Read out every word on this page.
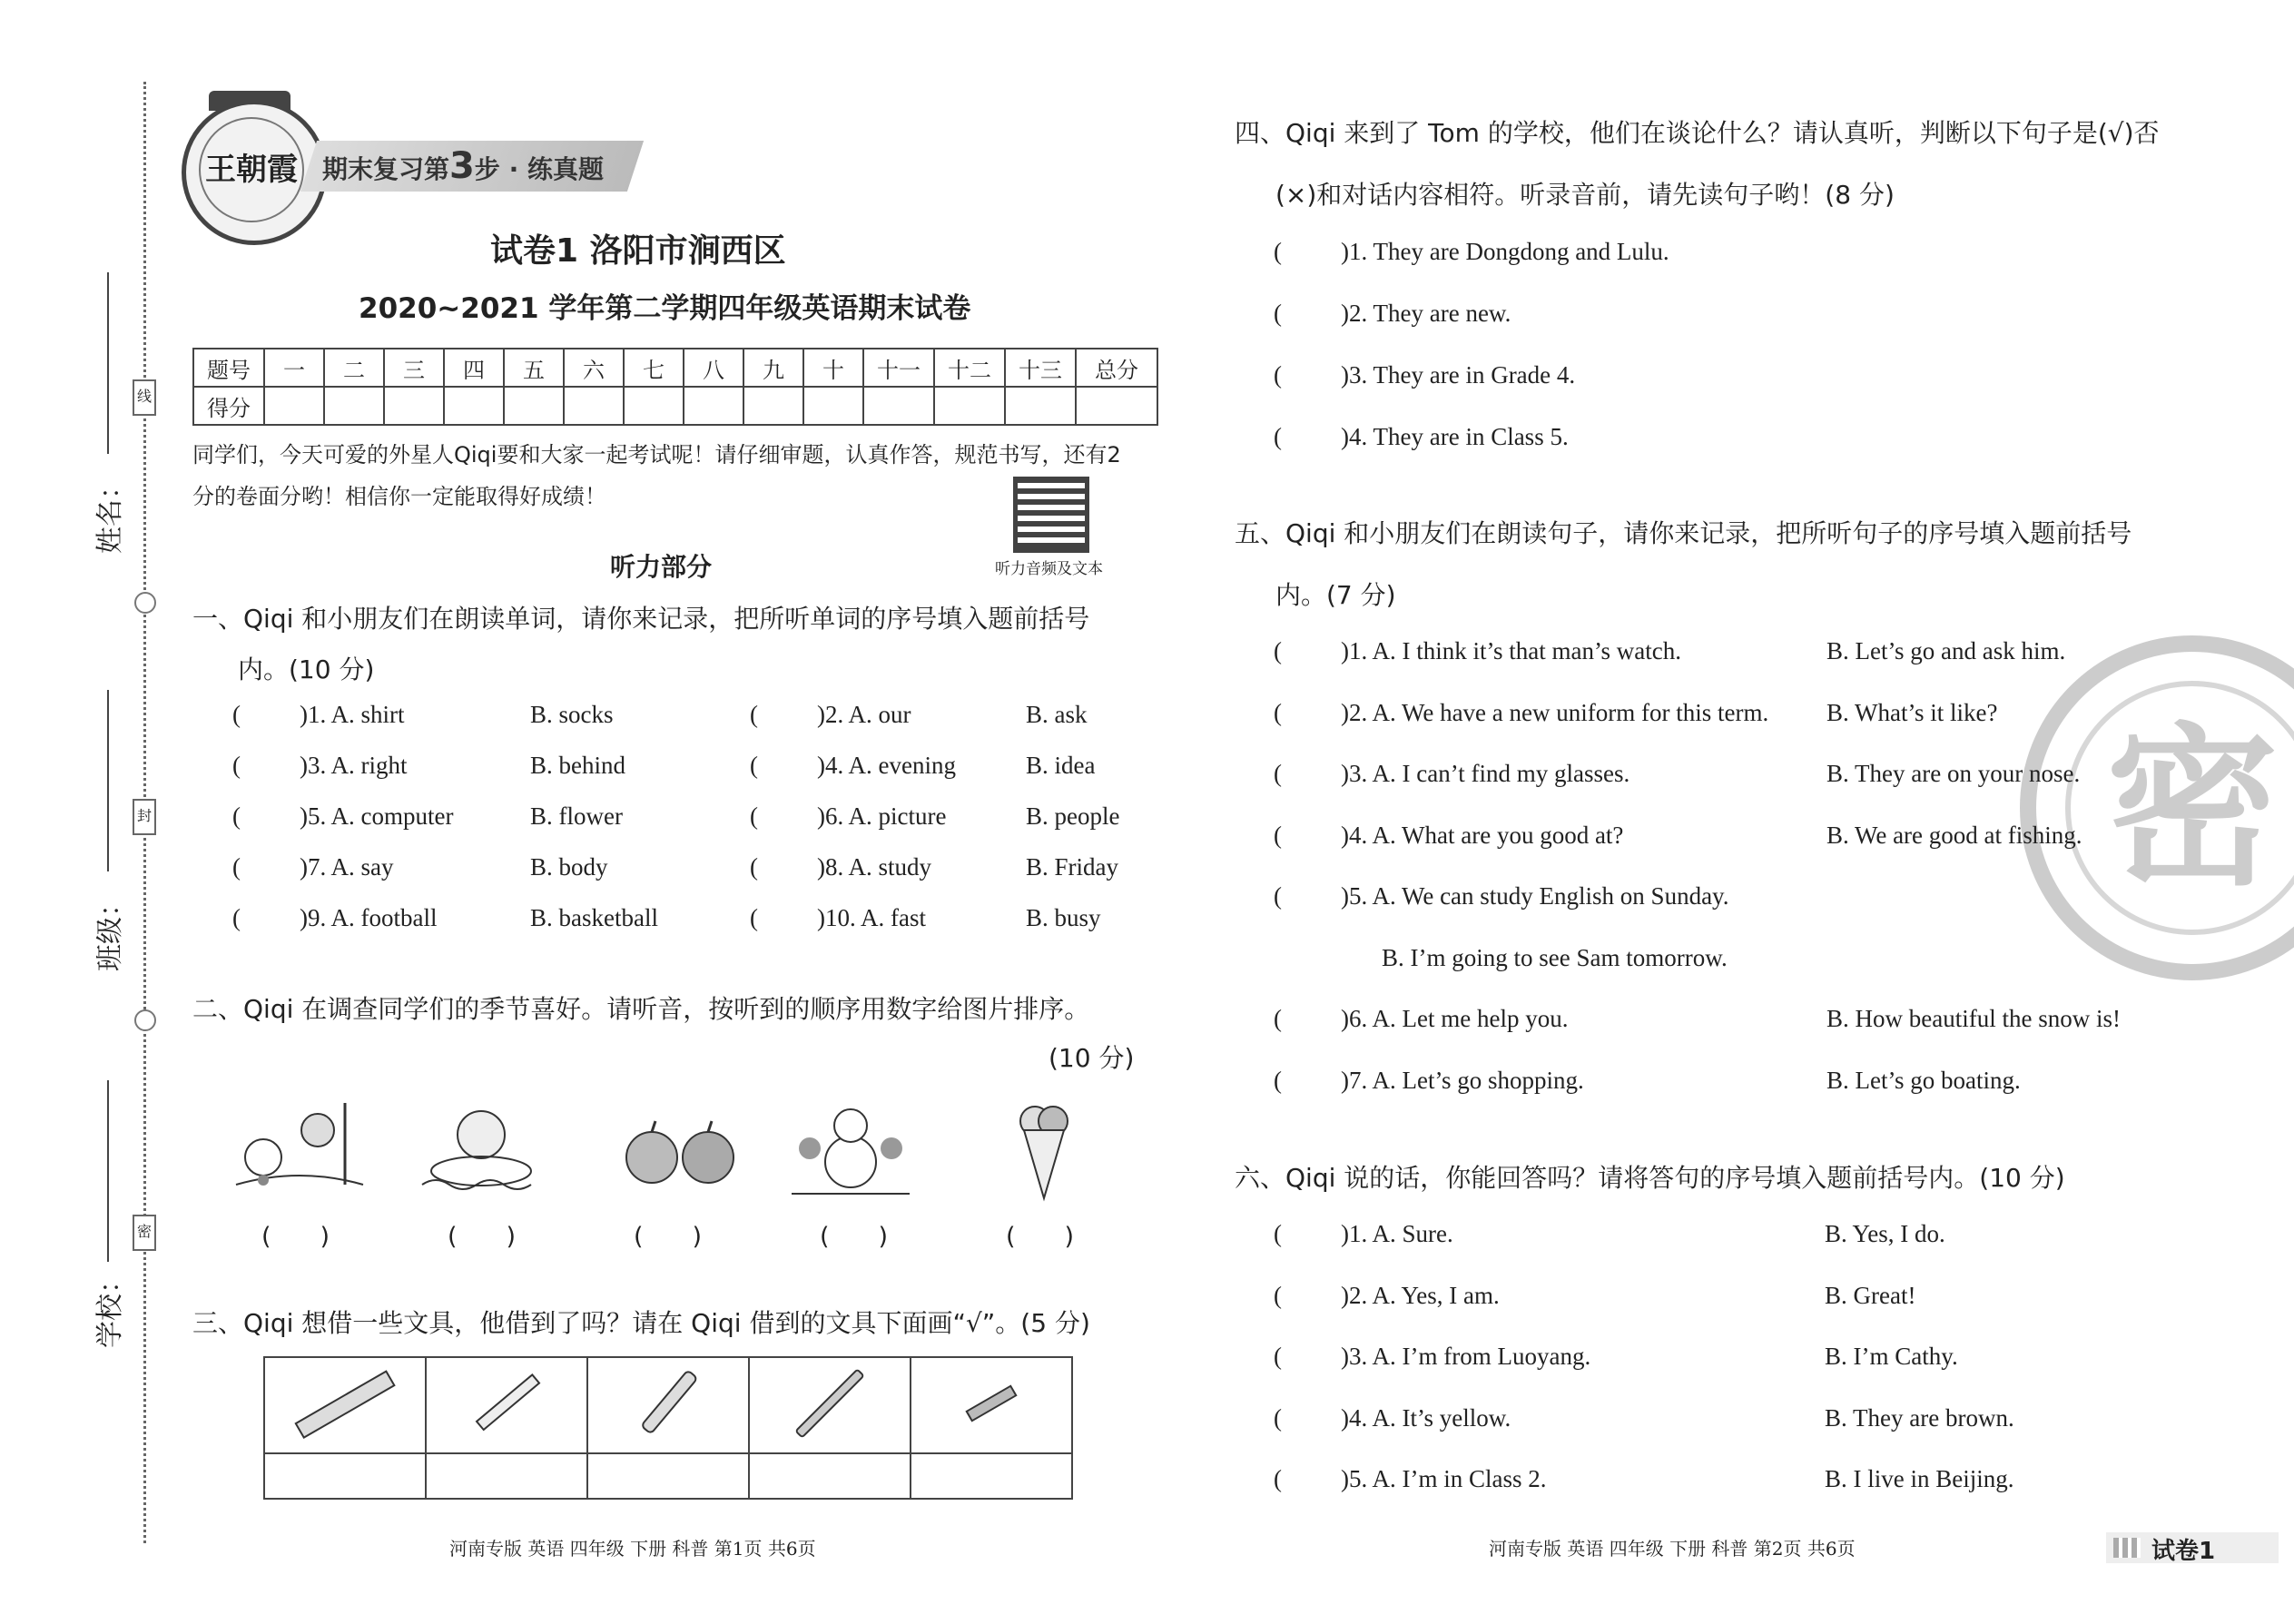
姓名：
班级：
学校：
线
封
密
王朝霞 期末复习第3步 · 练真题
试卷1 洛阳市涧西区
2020~2021 学年第二学期四年级英语期末试卷
题号	一	二	三	四	五	六	七	八	九	十	十一	十二	十三	总分
得分														
同学们，今天可爱的外星人Qiqi要和大家一起考试呢！请仔细审题，认真作答，规范书写，还有2分的卷面分哟！相信你一定能取得好成绩！
听力音频及文本
听力部分
一、Qiqi 和小朋友们在朗读单词，请你来记录，把所听单词的序号填入题前括号
内。(10 分)
( )1. A. shirt	B. socks	( )2. A. our	B. ask
( )3. A. right	B. behind	( )4. A. evening	B. idea
( )5. A. computer	B. flower	( )6. A. picture	B. people
( )7. A. say	B. body	( )8. A. study	B. Friday
( )9. A. football	B. basketball	( )10. A. fast	B. busy
二、Qiqi 在调查同学们的季节喜好。请听音，按听到的顺序用数字给图片排序。
(10 分)
(　　)	(　　)	(　　)	(　　)	(　　)
三、Qiqi 想借一些文具，他借到了吗？请在 Qiqi 借到的文具下面画“√”。(5 分)

河南专版 英语 四年级 下册 科普 第1页 共6页
密
四、Qiqi 来到了 Tom 的学校，他们在谈论什么？请认真听，判断以下句子是(√)否
(×)和对话内容相符。听录音前，请先读句子哟！(8 分)
( )1. They are Dongdong and Lulu.
( )2. They are new.
( )3. They are in Grade 4.
( )4. They are in Class 5.
五、Qiqi 和小朋友们在朗读句子，请你来记录，把所听句子的序号填入题前括号
内。(7 分)
( )1. A. I think it’s that man’s watch.	B. Let’s go and ask him.
( )2. A. We have a new uniform for this term. B. What’s it like?
( )3. A. I can’t find my glasses.	B. They are on your nose.
( )4. A. What are you good at?	B. We are good at fishing.
( )5. A. We can study English on Sunday.
B. I’m going to see Sam tomorrow.
( )6. A. Let me help you.	B. How beautiful the snow is!
( )7. A. Let’s go shopping.	B. Let’s go boating.
六、Qiqi 说的话，你能回答吗？请将答句的序号填入题前括号内。(10 分)
( )1. A. Sure.	B. Yes, I do.
( )2. A. Yes, I am.	B. Great!
( )3. A. I’m from Luoyang.	B. I’m Cathy.
( )4. A. It’s yellow.	B. They are brown.
( )5. A. I’m in Class 2.	B. I live in Beijing.
河南专版 英语 四年级 下册 科普 第2页 共6页	试卷1
